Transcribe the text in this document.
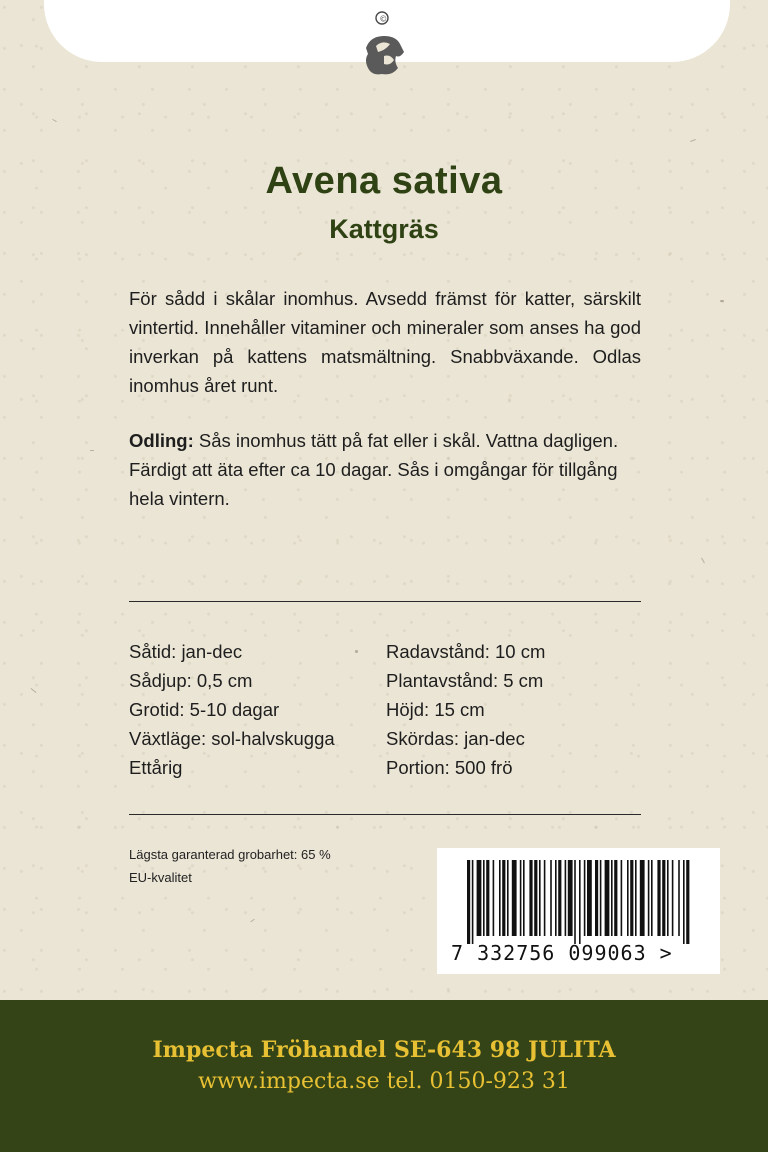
©
Avena sativa
Kattgräs
För sådd i skålar inomhus. Avsedd främst för katter, särskilt vintertid. Innehåller vitaminer och mineraler som anses ha god inverkan på kattens matsmältning. Snabbväxande. Odlas inomhus året runt.
Odling: Sås inomhus tätt på fat eller i skål. Vattna dagligen. Färdigt att äta efter ca 10 dagar. Sås i omgångar för tillgång hela vintern.
Såtid: jan-dec
Sådjup: 0,5 cm
Grotid: 5-10 dagar
Växtläge: sol-halvskugga
Ettårig
Radavstånd: 10 cm
Plantavstånd: 5 cm
Höjd: 15 cm
Skördas: jan-dec
Portion: 500 frö
Lägsta garanterad grobarhet: 65 %
EU-kvalitet
7 332756 099063 >
Impecta Fröhandel SE-643 98 JULITA
www.impecta.se tel. 0150-923 31
